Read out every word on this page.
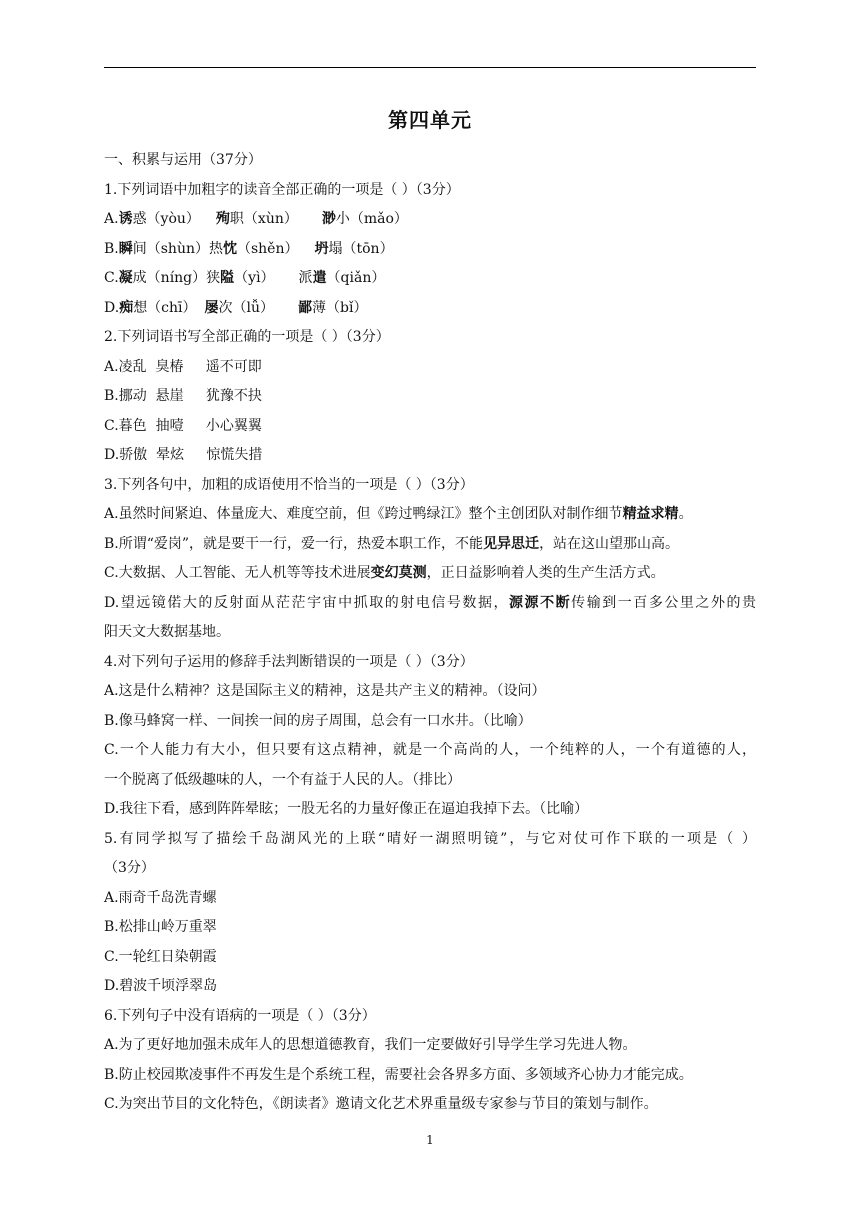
第四单元
一、积累与运用（37分）
1.下列词语中加粗字的读音全部正确的一项是（ ）（3分）
A.诱惑（yòu） 殉职（xùn） 渺小（mǎo）
B.瞬间（shùn）热忱（shěn） 坍塌（tōn）
C.凝成（níng）狭隘（yì） 派遣（qiǎn）
D.痴想（chī） 屡次（lǚ） 鄙薄（bǐ）
2.下列词语书写全部正确的一项是（ ）（3分）
A.凌乱  臭椿     遥不可即
B.挪动  悬崖     犹豫不抉
C.暮色  抽噎     小心翼翼
D.骄傲  晕炫     惊慌失措
3.下列各句中，加粗的成语使用不恰当的一项是（ ）（3分）
A.虽然时间紧迫、体量庞大、难度空前，但《跨过鸭绿江》整个主创团队对制作细节精益求精。
B.所谓“爱岗”，就是要干一行，爱一行，热爱本职工作，不能见异思迁，站在这山望那山高。
C.大数据、人工智能、无人机等等技术进展变幻莫测，正日益影响着人类的生产生活方式。
D.望远镜偌大的反射面从茫茫宇宙中抓取的射电信号数据，源源不断传输到一百多公里之外的贵
阳天文大数据基地。
4.对下列句子运用的修辞手法判断错误的一项是（ ）（3分）
A.这是什么精神？这是国际主义的精神，这是共产主义的精神。（设问）
B.像马蜂窝一样、一间挨一间的房子周围，总会有一口水井。（比喻）
C.一个人能力有大小，但只要有这点精神，就是一个高尚的人，一个纯粹的人，一个有道德的人，
一个脱离了低级趣味的人，一个有益于人民的人。（排比）
D.我往下看，感到阵阵晕眩；一股无名的力量好像正在逼迫我掉下去。（比喻）
5.有同学拟写了描绘千岛湖风光的上联“晴好一湖照明镜”，与它对仗可作下联的一项是（ ）
（3分）
A.雨奇千岛洗青螺
B.松排山岭万重翠
C.一轮红日染朝霞
D.碧波千顷浮翠岛
6.下列句子中没有语病的一项是（ ）（3分）
A.为了更好地加强未成年人的思想道德教育，我们一定要做好引导学生学习先进人物。
B.防止校园欺凌事件不再发生是个系统工程，需要社会各界多方面、多领域齐心协力才能完成。
C.为突出节目的文化特色，《朗读者》邀请文化艺术界重量级专家参与节目的策划与制作。
1
